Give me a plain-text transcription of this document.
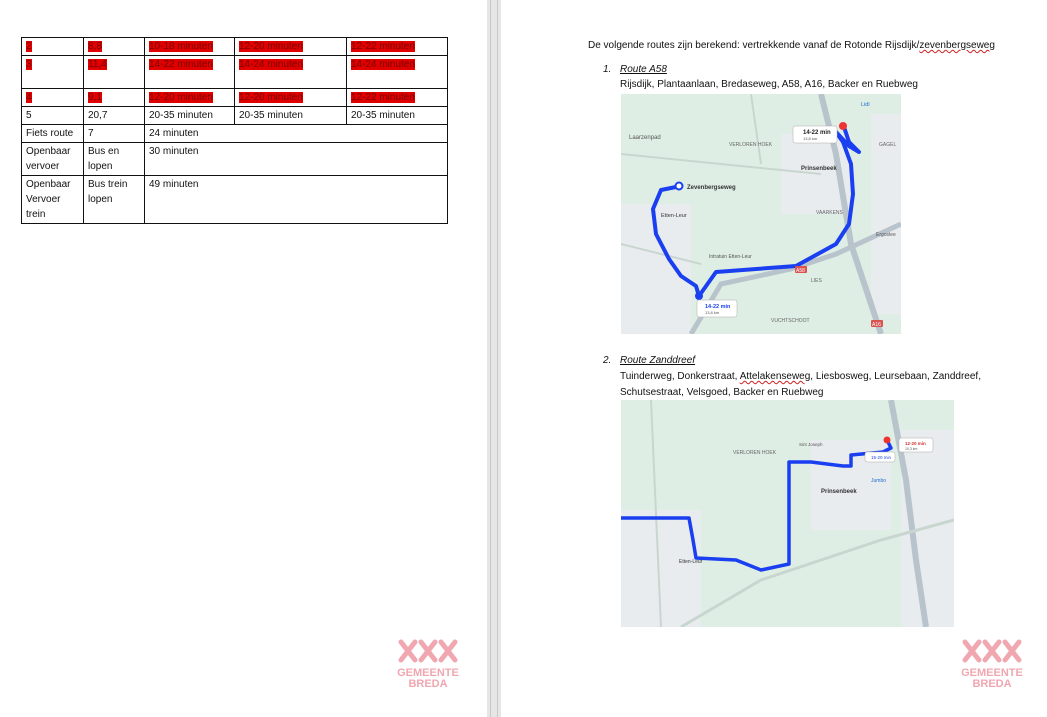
2	8,8	10-18 minuten	12-20 minuten	12-22 minuten
3	11,4	14-22 minuten	14-24 minuten	14-24 minuten
4	9,1	12-20 minuten	12-20 minuten	12-22 minuten
5	20,7	20-35 minuten	20-35 minuten	20-35 minuten
Fiets route	7	24 minuten		
Openbaar vervoer	Bus en lopen	30 minuten		
Openbaar Vervoer trein	Bus trein lopen	49 minuten		
GEMEENTE
BREDA
De volgende routes zijn berekend: vertrekkende vanaf de Rotonde Rijsdijk/zevenbergseweg
1. Route A58
Rijsdijk, Plantaanlaan, Bredaseweg, A58, A16, Backer en Ruebweg
Laarzenpad
VERLOREN HOEK
Prinsenbeek
Zevenbergseweg
Etten-Leur	VAARKENS
Intratuin Etten-Leur
LIES
Ergoslee
VUCHTSCHOOT
Lidl
GAGEL
A58
A16
14-22 min
13,8 km
14-22 min
13,8 km
2. Route Zanddreef
Tuinderweg, Donkerstraat, Attelakenseweg, Liesbosweg, Leursebaan, Zanddreef,
Schutsestraat, Velsgoed, Backer en Ruebweg
VERLOREN HOEK
Prinsenbeek
Jumbo
Etten-Leur
Sint Joseph
15-20 min
12-20 min
10,3 km
GEMEENTE
BREDA
